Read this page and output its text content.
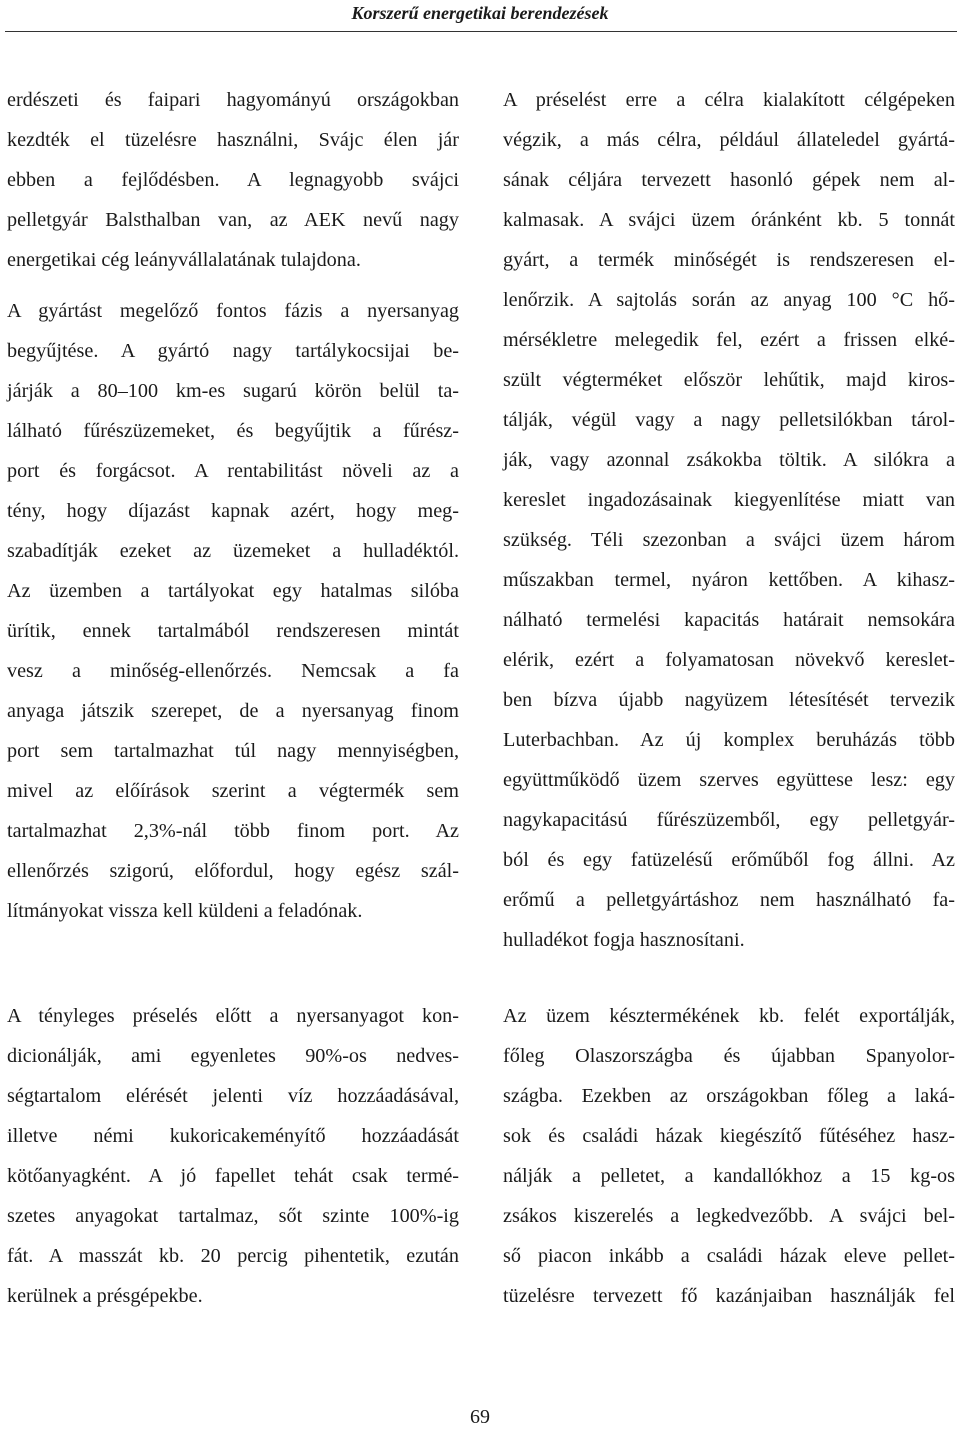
Korszerű energetikai berendezések
erdészeti és faipari hagyományú országokban
kezdték el tüzelésre használni, Svájc élen jár
ebben a fejlődésben. A legnagyobb svájci
pelletgyár Balsthalban van, az AEK nevű nagy
energetikai cég leányvállalatának tulajdona.
A gyártást megelőző fontos fázis a nyersanyag
begyűjtése. A gyártó nagy tartálykocsijai be-
járják a 80–100 km-es sugarú körön belül ta-
lálható fűrészüzemeket, és begyűjtik a fűrész-
port és forgácsot. A rentabilitást növeli az a
tény, hogy díjazást kapnak azért, hogy meg-
szabadítják ezeket az üzemeket a hulladéktól.
Az üzemben a tartályokat egy hatalmas silóba
ürítik, ennek tartalmából rendszeresen mintát
vesz a minőség-ellenőrzés. Nemcsak a fa
anyaga játszik szerepet, de a nyersanyag finom
port sem tartalmazhat túl nagy mennyiségben,
mivel az előírások szerint a végtermék sem
tartalmazhat 2,3%-nál több finom port. Az
ellenőrzés szigorú, előfordul, hogy egész szál-
lítmányokat vissza kell küldeni a feladónak.
A tényleges préselés előtt a nyersanyagot kon-
dicionálják, ami egyenletes 90%-os nedves-
ségtartalom elérését jelenti víz hozzáadásával,
illetve némi kukoricakeményítő hozzáadását
kötőanyagként. A jó fapellet tehát csak termé-
szetes anyagokat tartalmaz, sőt szinte 100%-ig
fát. A masszát kb. 20 percig pihentetik, ezután
kerülnek a présgépekbe.
A préselést erre a célra kialakított célgépeken
végzik, a más célra, például állateledel gyártá-
sának céljára tervezett hasonló gépek nem al-
kalmasak. A svájci üzem óránként kb. 5 tonnát
gyárt, a termék minőségét is rendszeresen el-
lenőrzik. A sajtolás során az anyag 100 °C hő-
mérsékletre melegedik fel, ezért a frissen elké-
szült végterméket először lehűtik, majd kiros-
tálják, végül vagy a nagy pelletsilókban tárol-
ják, vagy azonnal zsákokba töltik. A silókra a
kereslet ingadozásainak kiegyenlítése miatt van
szükség. Téli szezonban a svájci üzem három
műszakban termel, nyáron kettőben. A kihasz-
nálható termelési kapacitás határait nemsokára
elérik, ezért a folyamatosan növekvő kereslet-
ben bízva újabb nagyüzem létesítését tervezik
Luterbachban. Az új komplex beruházás több
együttműködő üzem szerves együttese lesz: egy
nagykapacitású fűrészüzemből, egy pelletgyár-
ból és egy fatüzelésű erőműből fog állni. Az
erőmű a pelletgyártáshoz nem használható fa-
hulladékot fogja hasznosítani.
Az üzem késztermékének kb. felét exportálják,
főleg Olaszországba és újabban Spanyolor-
szágba. Ezekben az országokban főleg a laká-
sok és családi házak kiegészítő fűtéséhez hasz-
nálják a pelletet, a kandallókhoz a 15 kg-os
zsákos kiszerelés a legkedvezőbb. A svájci bel-
ső piacon inkább a családi házak eleve pellet-
tüzelésre tervezett fő kazánjaiban használják fel
69
